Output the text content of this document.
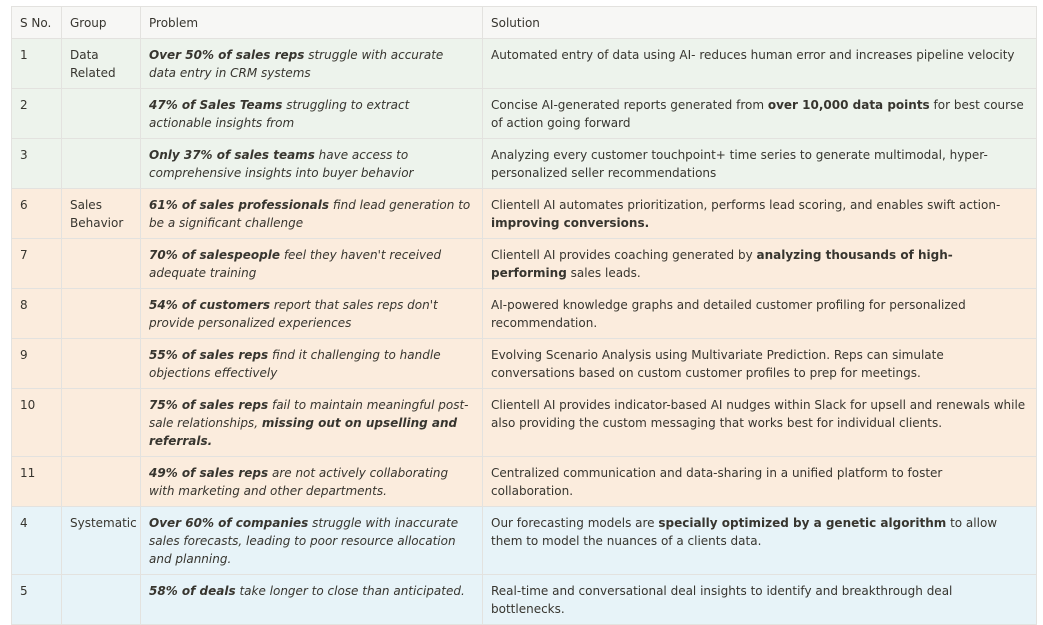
S No.	Group	Problem	Solution
1	Data Related	Over 50% of sales reps struggle with accurate data entry in CRM systems	Automated entry of data using AI- reduces human error and increases pipeline velocity
2		47% of Sales Teams struggling to extract actionable insights from	Concise AI-generated reports generated from over 10,000 data points for best course of action going forward
3		Only 37% of sales teams have access to comprehensive insights into buyer behavior	Analyzing every customer touchpoint+ time series to generate multimodal, hyper-personalized seller recommendations
6	Sales Behavior	61% of sales professionals find lead generation to be a significant challenge	Clientell AI automates prioritization, performs lead scoring, and enables swift action- improving conversions.
7		70% of salespeople feel they haven't received adequate training	Clientell AI provides coaching generated by analyzing thousands of high-performing sales leads.
8		54% of customers report that sales reps don't provide personalized experiences	AI-powered knowledge graphs and detailed customer profiling for personalized recommendation.
9		55% of sales reps find it challenging to handle objections effectively	Evolving Scenario Analysis using Multivariate Prediction. Reps can simulate conversations based on custom customer profiles to prep for meetings.
10		75% of sales reps fail to maintain meaningful post-sale relationships, missing out on upselling and referrals.	Clientell AI provides indicator-based AI nudges within Slack for upsell and renewals while also providing the custom messaging that works best for individual clients.
11		49% of sales reps are not actively collaborating with marketing and other departments.	Centralized communication and data-sharing in a unified platform to foster collaboration.
4	Systematic	Over 60% of companies struggle with inaccurate sales forecasts, leading to poor resource allocation and planning.	Our forecasting models are specially optimized by a genetic algorithm to allow them to model the nuances of a clients data.
5		58% of deals take longer to close than anticipated.	Real-time and conversational deal insights to identify and breakthrough deal bottlenecks.
